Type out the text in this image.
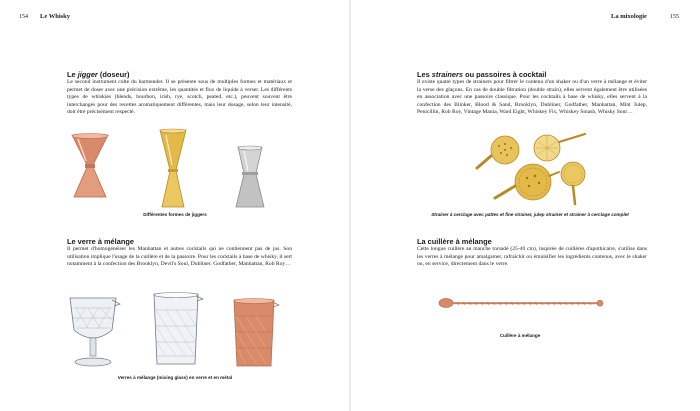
154 Le Whisky
Le jigger (doseur)

Le second instrument culte du barmender. Il se présente sous de multiples formes et matériaux et permet de doser avec une précision extrême, les quantités et flux de liquide à verser. Les différents types de whiskies (blends, bourbon, irish, rye, scotch, peated, etc.), peuvent souvent être interchangés pour des recettes aromatiquement différentes, mais leur dosage, selon leur intensité, doit être précisément respecté.

Différentes formes de jiggers

Le verre à mélange

Il permet d'homogénéiser les Manhattan et autres cocktails qui ne contiennent pas de jus. Son utilisation implique l'usage de la cuillère et de la passoire. Pour les cocktails à base de whisky, il sert notamment à la confection des Brooklyn, Devil's Soul, Dubliner, Godfather, Manhattan, Rob Roy…

Verres à mélange (mixing glass) en verre et en métal

La mixologie	155
Les strainers ou passoires à cocktail

Il existe quatre types de strainers pour filtrer le contenu d'un shaker ou d'un verre à mélange et éviter la verse des glaçons. En cas de double filtration (double strain), elles servent également être utilisées en association avec une passoire classique. Pour les cocktails à base de whisky, elles servent à la confection des Blinker, Blood & Sand, Brooklyn, Dubliner, Godfather, Manhattan, Mint Julep, Penicillin, Rob Roy, Vintage Mania, Ward Eight, Whiskey Fix, Whiskey Smash, Whisky Sour…

Strainer à cerclage avec pattes et fine strainer, julep strainer et strainer à cerclage complet

La cuillère à mélange

Cette longue cuillère au manche torsadé (25-40 cm), inspirée de cuillères d'apothicaire, s'utilise dans les verres à mélange pour amalgamer, rafraîchir ou émulsifier les ingrédients contenus, avec le shaker ou, en service, directement dans le verre.

Cuillère à mélange
